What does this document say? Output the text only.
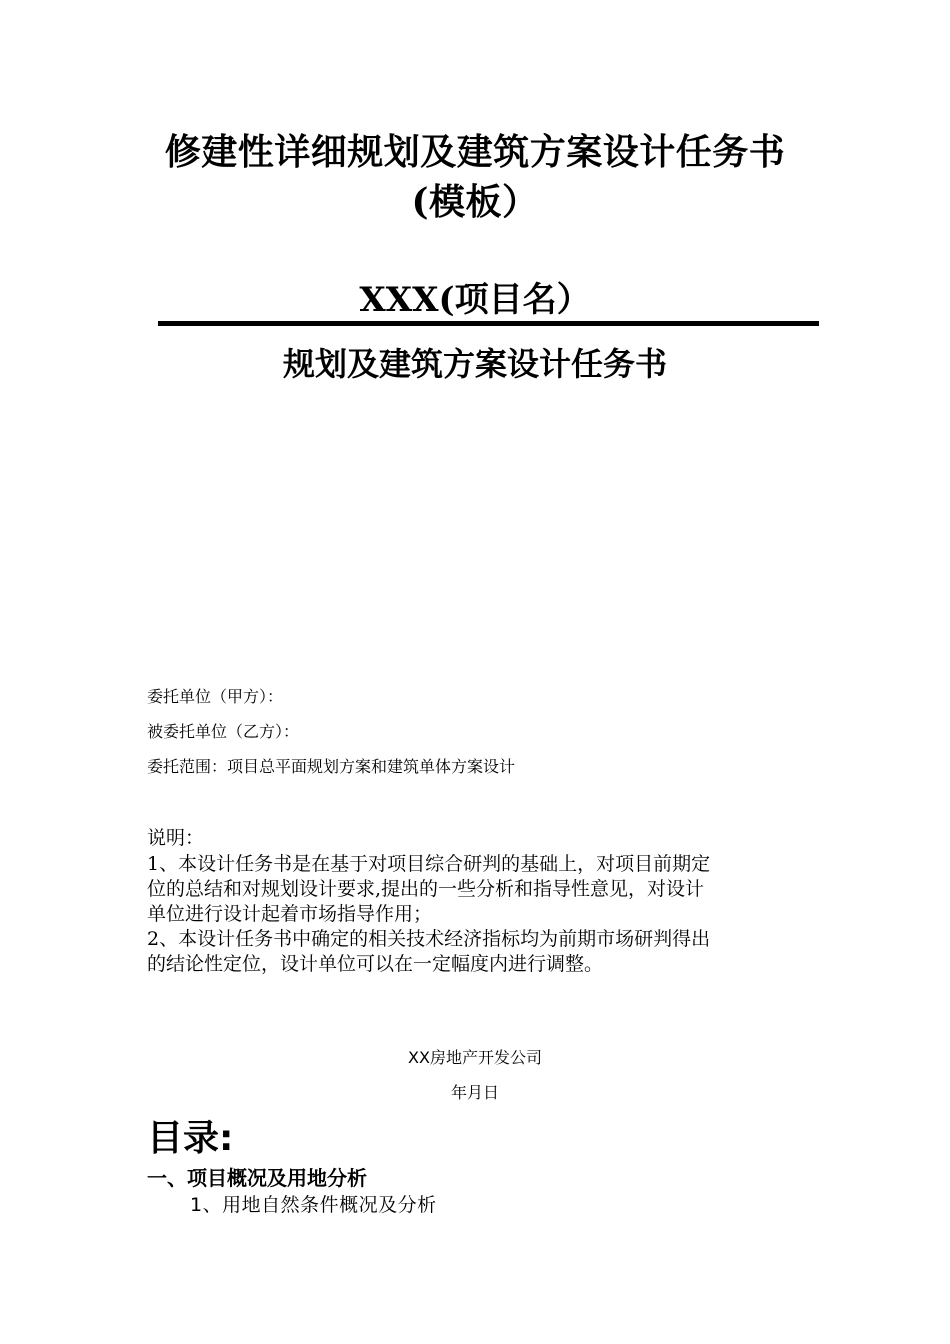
修建性详细规划及建筑方案设计任务书
(模板）
XXX(项目名）
规划及建筑方案设计任务书
委托单位（甲方）：
被委托单位（乙方）：
委托范围：项目总平面规划方案和建筑单体方案设计
说明：
1、本设计任务书是在基于对项目综合研判的基础上，对项目前期定
位的总结和对规划设计要求,提出的一些分析和指导性意见，对设计
单位进行设计起着市场指导作用；
2、本设计任务书中确定的相关技术经济指标均为前期市场研判得出
的结论性定位，设计单位可以在一定幅度内进行调整。
XX房地产开发公司
年月日
目录:
一、项目概况及用地分析
1、用地自然条件概况及分析
